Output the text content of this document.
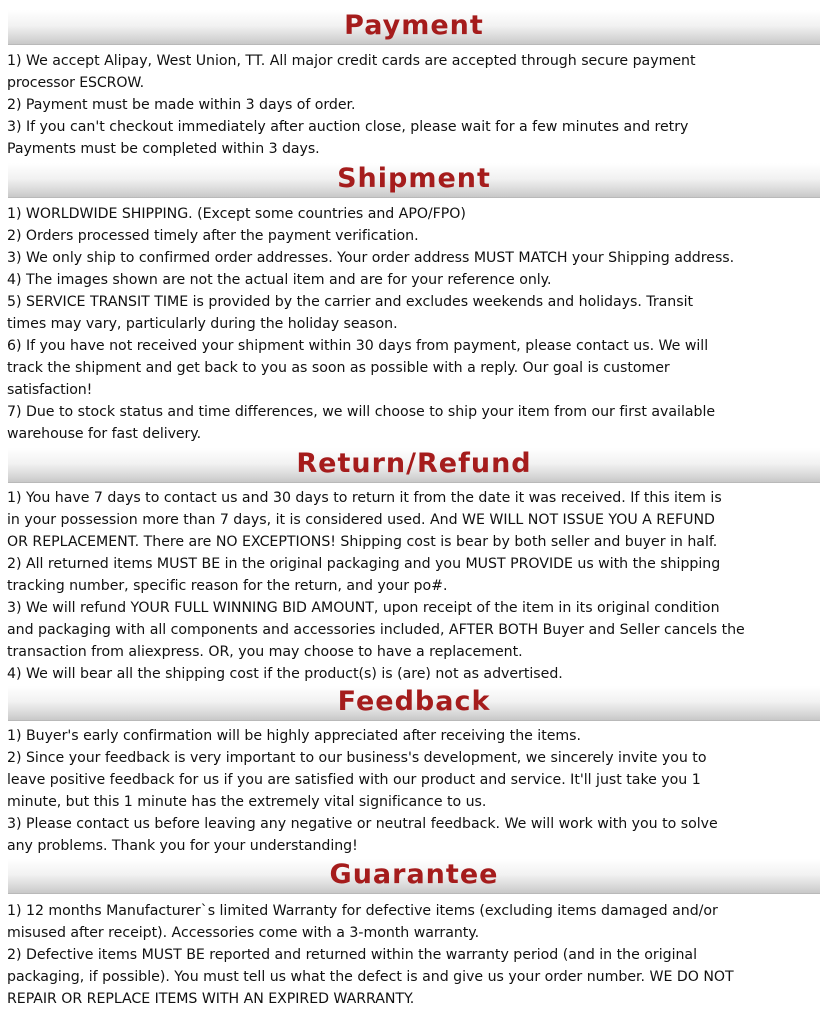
Payment
1) We accept Alipay, West Union, TT. All major credit cards are accepted through secure payment
processor ESCROW.
2) Payment must be made within 3 days of order.
3) If you can't checkout immediately after auction close, please wait for a few minutes and retry
Payments must be completed within 3 days.
Shipment
1) WORLDWIDE SHIPPING. (Except some countries and APO/FPO)
2) Orders processed timely after the payment verification.
3) We only ship to confirmed order addresses. Your order address MUST MATCH your Shipping address.
4) The images shown are not the actual item and are for your reference only.
5) SERVICE TRANSIT TIME is provided by the carrier and excludes weekends and holidays. Transit
times may vary, particularly during the holiday season.
6) If you have not received your shipment within 30 days from payment, please contact us. We will
track the shipment and get back to you as soon as possible with a reply. Our goal is customer
satisfaction!
7) Due to stock status and time differences, we will choose to ship your item from our first available
warehouse for fast delivery.
Return/Refund
1) You have 7 days to contact us and 30 days to return it from the date it was received. If this item is
in your possession more than 7 days, it is considered used. And WE WILL NOT ISSUE YOU A REFUND
OR REPLACEMENT. There are NO EXCEPTIONS! Shipping cost is bear by both seller and buyer in half.
2) All returned items MUST BE in the original packaging and you MUST PROVIDE us with the shipping
tracking number, specific reason for the return, and your po#.
3) We will refund YOUR FULL WINNING BID AMOUNT, upon receipt of the item in its original condition
and packaging with all components and accessories included, AFTER BOTH Buyer and Seller cancels the
transaction from aliexpress. OR, you may choose to have a replacement.
4) We will bear all the shipping cost if the product(s) is (are) not as advertised.
Feedback
1) Buyer's early confirmation will be highly appreciated after receiving the items.
2) Since your feedback is very important to our business's development, we sincerely invite you to
leave positive feedback for us if you are satisfied with our product and service. It'll just take you 1
minute, but this 1 minute has the extremely vital significance to us.
3) Please contact us before leaving any negative or neutral feedback. We will work with you to solve
any problems. Thank you for your understanding!
Guarantee
1) 12 months Manufacturer`s limited Warranty for defective items (excluding items damaged and/or
misused after receipt). Accessories come with a 3-month warranty.
2) Defective items MUST BE reported and returned within the warranty period (and in the original
packaging, if possible). You must tell us what the defect is and give us your order number. WE DO NOT
REPAIR OR REPLACE ITEMS WITH AN EXPIRED WARRANTY.
